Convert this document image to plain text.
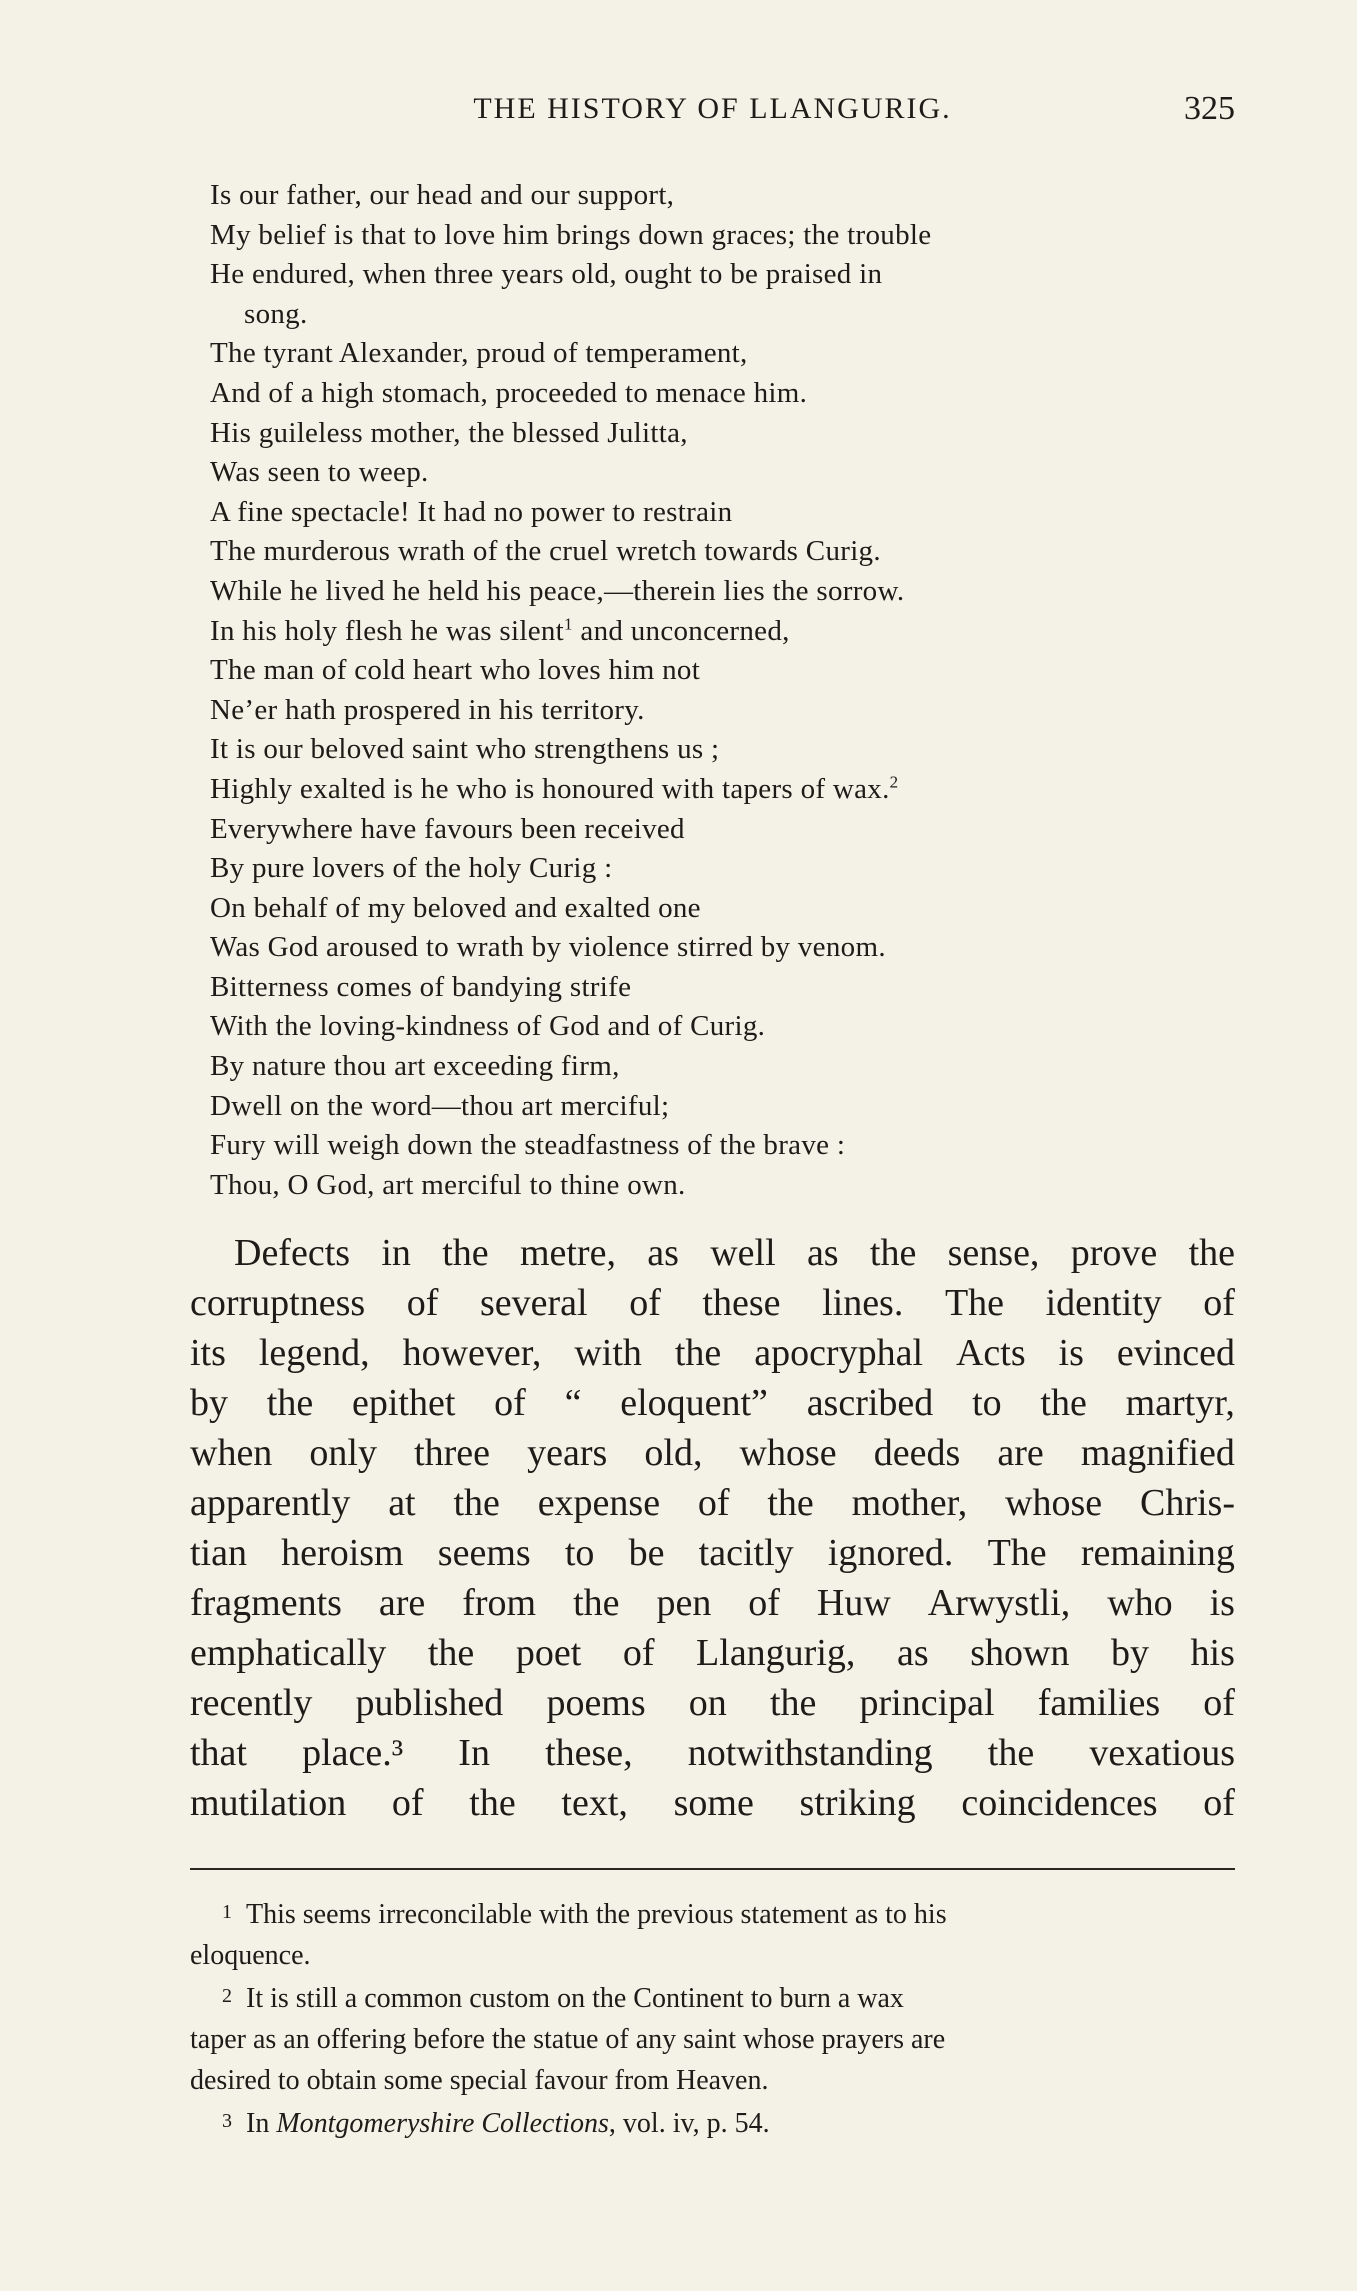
THE HISTORY OF LLANGURIG.	325
Is our father, our head and our support,
My belief is that to love him brings down graces; the trouble
He endured, when three years old, ought to be praised in
song.
The tyrant Alexander, proud of temperament,
And of a high stomach, proceeded to menace him.
His guileless mother, the blessed Julitta,
Was seen to weep.
A fine spectacle! It had no power to restrain
The murderous wrath of the cruel wretch towards Curig.
While he lived he held his peace,—therein lies the sorrow.
In his holy flesh he was silent$^1$ and unconcerned,
The man of cold heart who loves him not
Ne’er hath prospered in his territory.
It is our beloved saint who strengthens us ;
Highly exalted is he who is honoured with tapers of wax.$^2$
Everywhere have favours been received
By pure lovers of the holy Curig :
On behalf of my beloved and exalted one
Was God aroused to wrath by violence stirred by venom.
Bitterness comes of bandying strife
With the loving-kindness of God and of Curig.
By nature thou art exceeding firm,
Dwell on the word—thou art merciful;
Fury will weigh down the steadfastness of the brave :
Thou, O God, art merciful to thine own.
Defects in the metre, as well as the sense, prove the
corruptness of several of these lines. The identity of
its legend, however, with the apocryphal Acts is evinced
by the epithet of “ eloquent” ascribed to the martyr,
when only three years old, whose deeds are magnified
apparently at the expense of the mother, whose Chris-
tian heroism seems to be tacitly ignored. The remaining
fragments are from the pen of Huw Arwystli, who is
emphatically the poet of Llangurig, as shown by his
recently published poems on the principal families of
that place.³ In these, notwithstanding the vexatious
mutilation of the text, some striking coincidences of
1 This seems irreconcilable with the previous statement as to his
eloquence.
2 It is still a common custom on the Continent to burn a wax
taper as an offering before the statue of any saint whose prayers are
desired to obtain some special favour from Heaven.
3 In Montgomeryshire Collections, vol. iv, p. 54.
